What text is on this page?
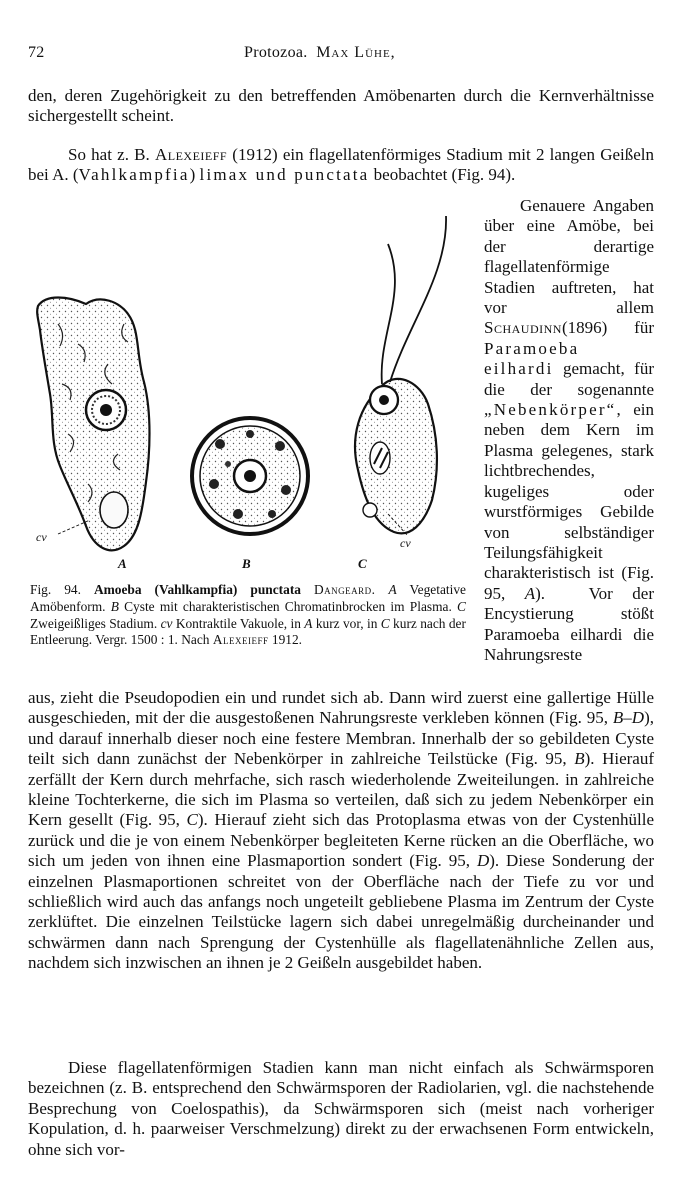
72	Protozoa. Max Lühe,

den, deren Zugehörigkeit zu den betreffenden Amöbenarten durch die Kernverhältnisse sichergestellt scheint.

So hat z. B. Alexeieff (1912) ein flagellatenförmiges Stadium mit 2 langen Geißeln bei A. (Vahlkampfia) limax und punctata beobachtet (Fig. 94).

cv	cv
A	B	C

Fig. 94. Amoeba (Vahlkampfia) punctata Dangeard. A Vegetative Amöbenform. B Cyste mit charakteristischen Chromatinbrocken im Plasma. C Zweigeißliges Stadium. cv Kontraktile Vakuole, in A kurz vor, in C kurz nach der Entleerung. Vergr. 1500 : 1. Nach Alexeieff 1912.

Genauere Angaben über eine Amöbe, bei der derartige flagellatenförmige Stadien auftreten, hat vor allem Schaudinn(1896) für Paramoeba eilhardi gemacht, für die der sogenannte „Nebenkörper“, ein neben dem Kern im Plasma gelegenes, stark lichtbrechendes, kugeliges oder wurstförmiges Gebilde von selbständiger Teilungsfähigkeit charakteristisch ist (Fig. 95, A).	Vor der Encystierung stößt Paramoeba eilhardi die Nahrungsreste

aus, zieht die Pseudopodien ein und rundet sich ab. Dann wird zuerst eine gallertige Hülle ausgeschieden, mit der die ausgestoßenen Nahrungsreste verkleben können (Fig. 95, B–D), und darauf innerhalb dieser noch eine festere Membran. Innerhalb der so gebildeten Cyste teilt sich dann zunächst der Nebenkörper in zahlreiche Teilstücke (Fig. 95, B). Hierauf zerfällt der Kern durch mehrfache, sich rasch wiederholende Zweiteilungen. in zahlreiche kleine Tochterkerne, die sich im Plasma so verteilen, daß sich zu jedem Nebenkörper ein Kern gesellt (Fig. 95, C). Hierauf zieht sich das Protoplasma etwas von der Cystenhülle zurück und die je von einem Nebenkörper begleiteten Kerne rücken an die Oberfläche, wo sich um jeden von ihnen eine Plasmaportion sondert (Fig. 95, D). Diese Sonderung der einzelnen Plasmaportionen schreitet von der Oberfläche nach der Tiefe zu vor und schließlich wird auch das anfangs noch ungeteilt gebliebene Plasma im Zentrum der Cyste zerklüftet. Die einzelnen Teilstücke lagern sich dabei unregelmäßig durcheinander und schwärmen dann nach Sprengung der Cystenhülle als flagellatenähnliche Zellen aus, nachdem sich inzwischen an ihnen je 2 Geißeln ausgebildet haben.

Diese flagellatenförmigen Stadien kann man nicht einfach als Schwärmsporen bezeichnen (z. B. entsprechend den Schwärmsporen der Radiolarien, vgl. die nachstehende Besprechung von Coelospathis), da Schwärmsporen sich (meist nach vorheriger Kopulation, d. h. paarweiser Verschmelzung) direkt zu der erwachsenen Form entwickeln, ohne sich vor-
